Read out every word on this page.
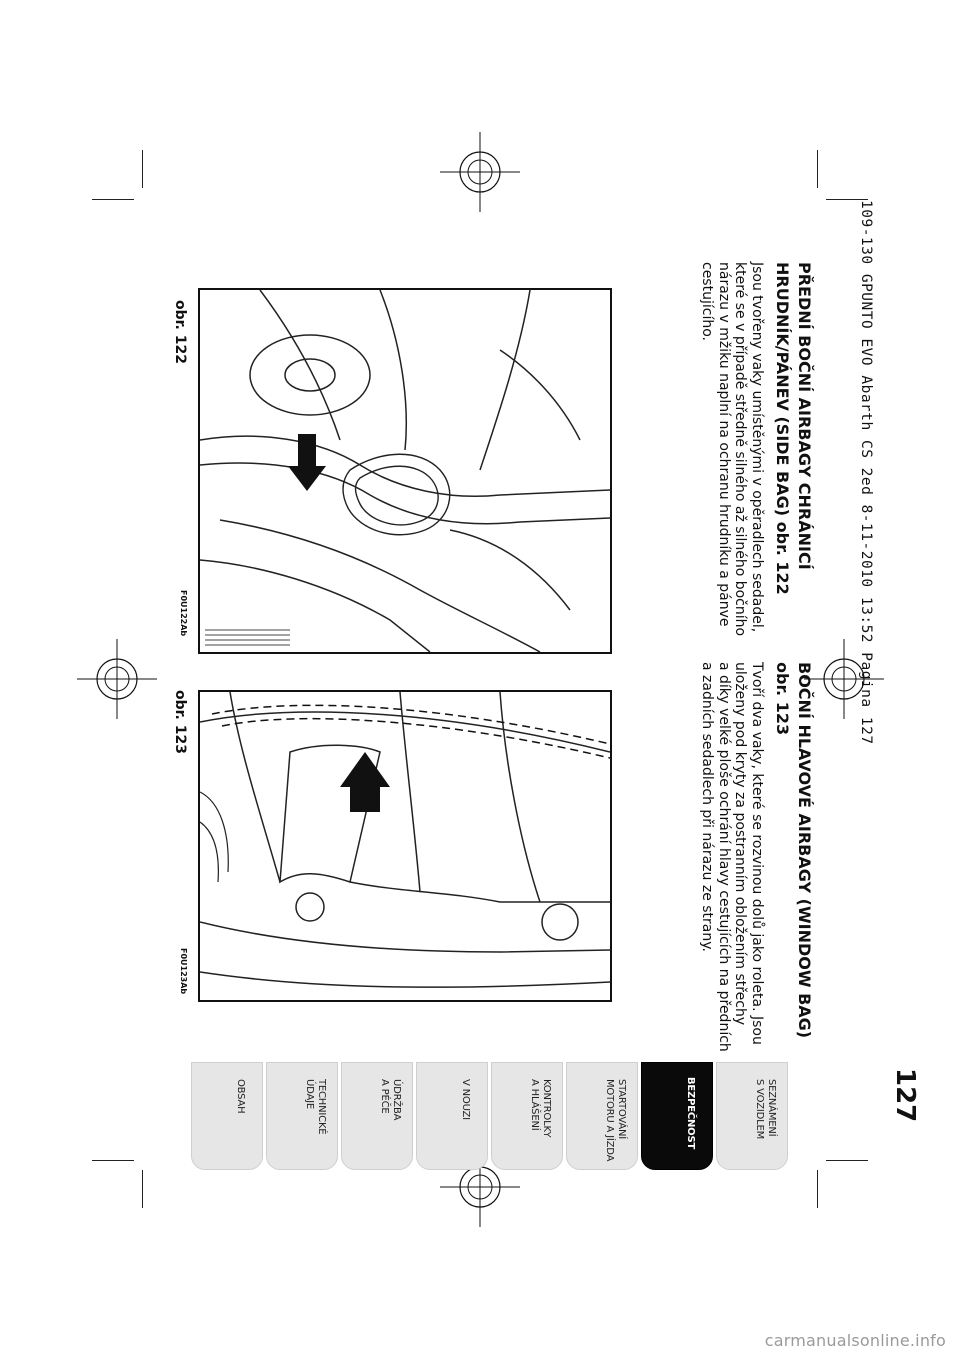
109-130 GPUNTO EVO Abarth CS 2ed 8-11-2010 13:52 Pagina 127

PŘEDNÍ BOČNÍ AIRBAGY CHRÁNICÍ
HRUDNÍK/PÁNEV (SIDE BAG) obr. 122

Jsou tvořeny vaky umístěnými v opěradlech sedadel,
které se v případě středně silného až silného bočního
nárazu v mžiku naplní na ochranu hrudníku a pánve
cestujícího.

BOČNÍ HLAVOVÉ AIRBAGY (WINDOW BAG)
obr. 123

Tvoří dva vaky, které se rozvinou dolů jako roleta. Jsou
uloženy pod kryty za postranním obložením střechy
a díky velké ploše ochrání hlavy cestujících na předních
a zadních sedadlech při nárazu ze strany.

obr. 122
F0U122Ab
obr. 123
F0U123Ab
127
SEZNÁMENÍ
S VOZIDLEM
BEZPEČNOST
STARTOVÁNÍ
MOTORU A JÍZDA
KONTROLKY
A HLÁŠENÍ
V NOUZI
ÚDRŽBA
A PÉČE
TECHNICKÉ
ÚDAJE
OBSAH
carmanualsonline.info
